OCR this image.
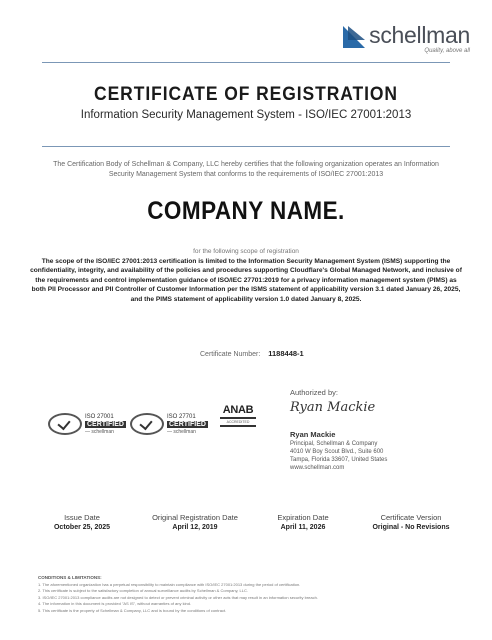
schellman
Quality, above all
CERTIFICATE OF REGISTRATION
Information Security Management System - ISO/IEC 27001:2013
The Certification Body of Schellman & Company, LLC hereby certifies that the following organization operates an Information Security Management System that conforms to the requirements of ISO/IEC 27001:2013
COMPANY NAME.
for the following scope of registration
The scope of the ISO/IEC 27001:2013 certification is limited to the Information Security Management System (ISMS) supporting the confidentiality, integrity, and availability of the policies and procedures supporting Cloudflare's Global Managed Network, and inclusive of the requirements and control implementation guidance of ISO/IEC 27701:2019 for a privacy information management system (PIMS) as both PII Processor and PII Controller of Customer Information per the ISMS statement of applicability version 3.1 dated January 26, 2025, and the PIMS statement of applicability version 1.0 dated January 8, 2025.
Certificate Number: 1188448-1
ISO 27001
CERTIFIED
— schellman
ISO 27701
CERTIFIED
— schellman
ANAB
ACCREDITED
Authorized by:
Ryan Mackie
Ryan Mackie
Principal, Schellman & Company
4010 W Boy Scout Blvd., Suite 600
Tampa, Florida 33607, United States
www.schellman.com
Issue Date
October 25, 2025
Original Registration Date
April 12, 2019
Expiration Date
April 11, 2026
Certificate Version
Original - No Revisions
CONDITIONS & LIMITATIONS:
1. The aforementioned organization has a perpetual responsibility to maintain compliance with ISO/IEC 27001:2013 during the period of certification.
2. This certificate is subject to the satisfactory completion of annual surveillance audits by Schellman & Company, LLC.
3. ISO/IEC 27001:2013 compliance audits are not designed to detect or prevent criminal activity or other acts that may result in an information security breach.
4. The information in this document is provided "AS IS", without warranties of any kind.
5. This certificate is the property of Schellman & Company, LLC and is bound by the conditions of contract.
